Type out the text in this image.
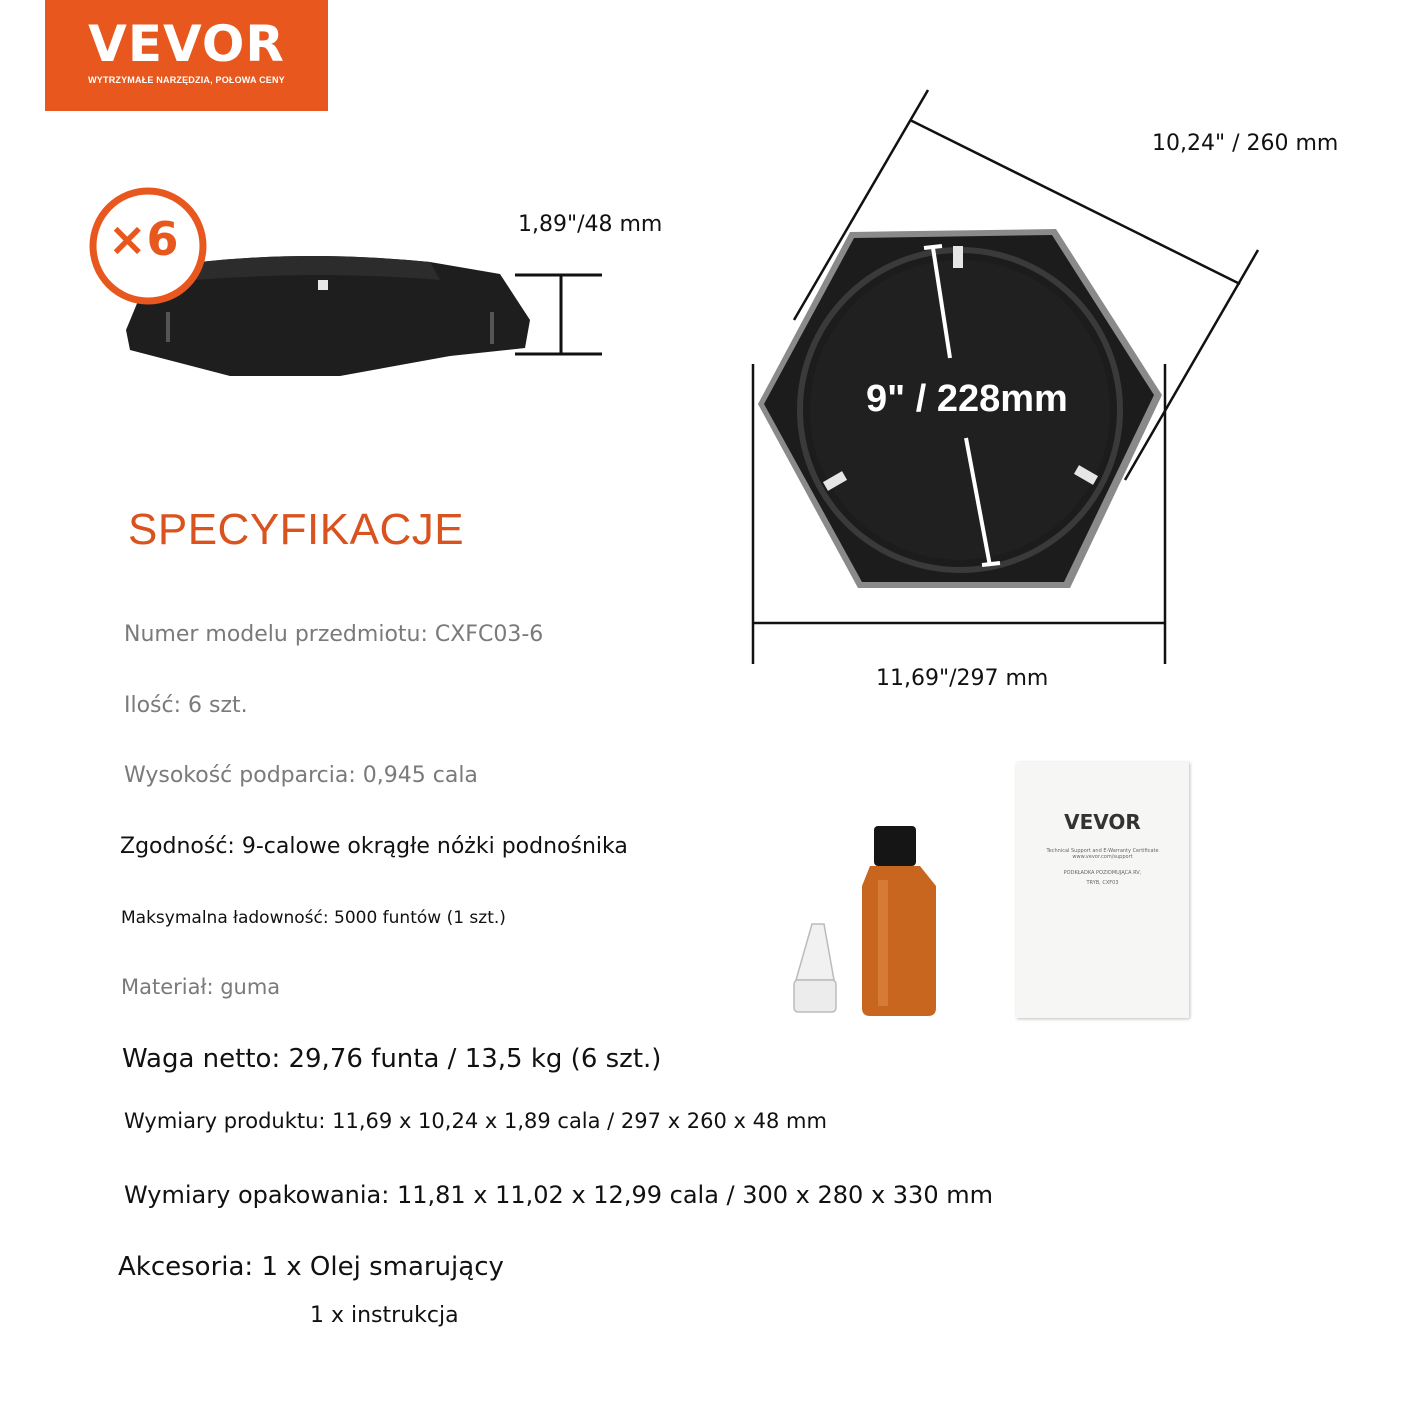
VEVOR	®
WYTRZYMAŁE NARZĘDZIA, POŁOWA CENY
×6	1,89"/48 mm
10,24" / 260 mm
9" / 228mm
11,69"/297 mm
SPECYFIKACJE
Numer modelu przedmiotu: CXFC03-6
Ilość: 6 szt.
Wysokość podparcia: 0,945 cala
Zgodność: 9-calowe okrągłe nóżki podnośnika
Maksymalna ładowność: 5000 funtów (1 szt.)
Materiał: guma
Waga netto: 29,76 funta / 13,5 kg (6 szt.)
Wymiary produktu: 11,69 x 10,24 x 1,89 cala / 297 x 260 x 48 mm
Wymiary opakowania: 11,81 x 11,02 x 12,99 cala / 300 x 280 x 330 mm
Akcesoria: 1 x Olej smarujący
1 x instrukcja
VEVOR
Technical Support and E-Warranty Certificate www.vevor.com/support
PODKŁADKA POZIOMUJĄCA RV,
TRYB, CXF03
